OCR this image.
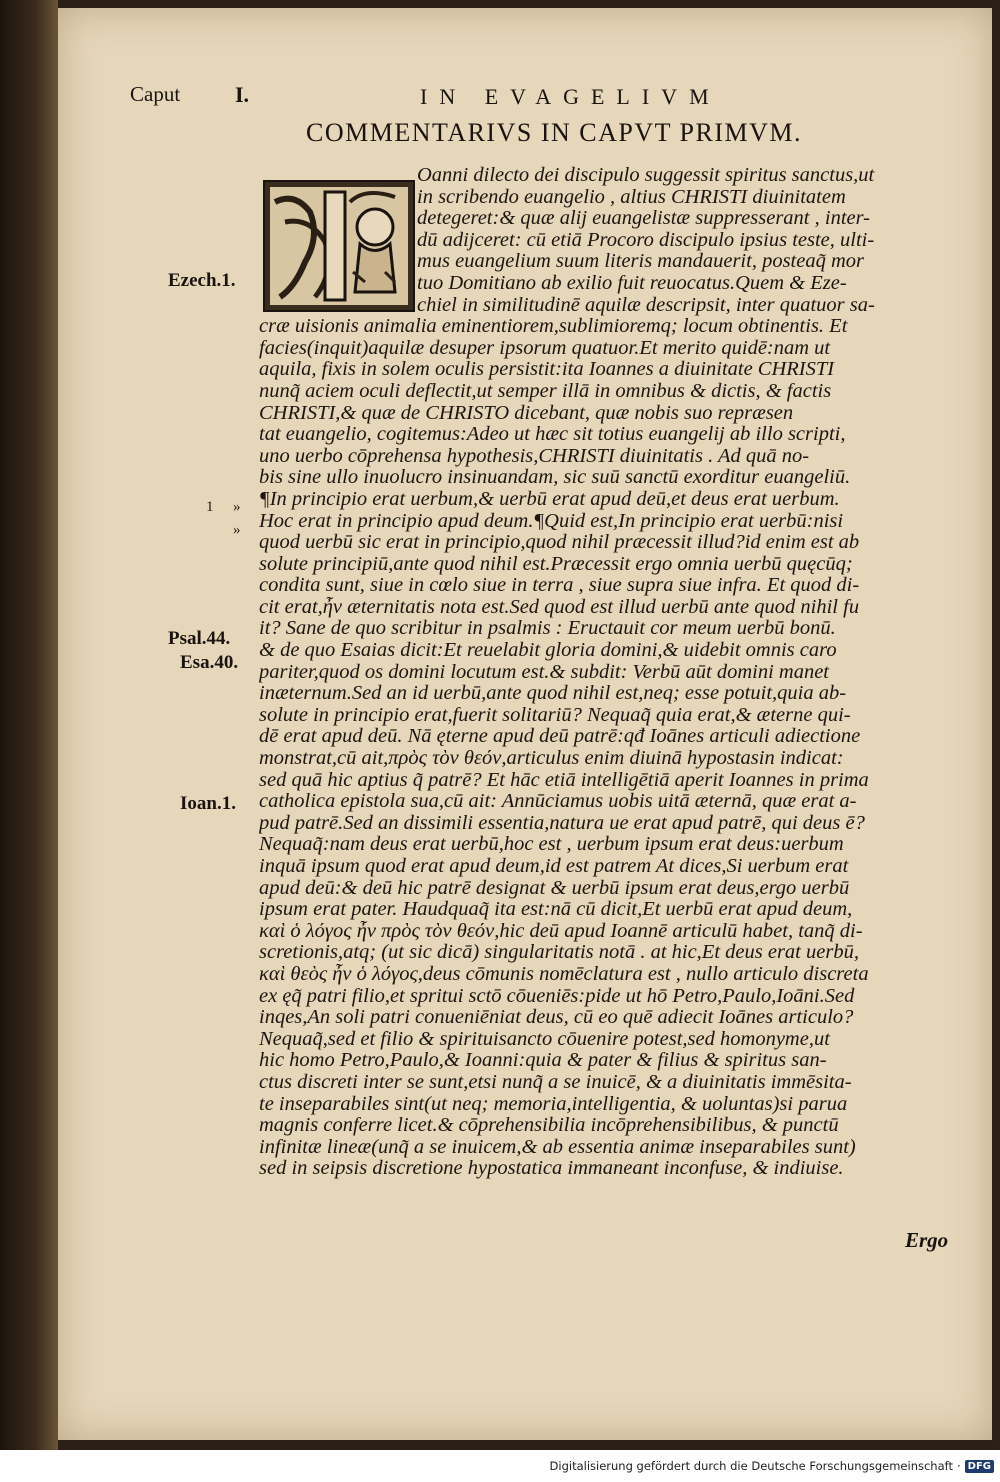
Caput I.	IN EVAGELIVM
COMMENTARIVS IN CAPVT PRIMVM.
Ezech.1.
Psal.44.
Esa.40.
Ioan.1.
1 »
»
Oanni dilecto dei discipulo suggessit spiritus sanctus,ut
in scribendo euangelio , altius CHRISTI diuinitatem
detegeret:& quæ alij euangelistæ suppresserant , inter-
dū adijceret: cū etiā Procoro discipulo ipsius teste, ulti-
mus euangelium suum literis mandauerit, posteaq̃ mor
tuo Domitiano ab exilio fuit reuocatus.Quem & Eze-
chiel in similitudinē aquilæ descripsit, inter quatuor sa-
cræ uisionis animalia eminentiorem,sublimioremq; locum obtinentis. Et
facies(inquit)aquilæ desuper ipsorum quatuor.Et merito quidē:nam ut
aquila, fixis in solem oculis persistit:ita Ioannes a diuinitate CHRISTI
nunq̃ aciem oculi deflectit,ut semper illā in omnibus & dictis, & factis
CHRISTI,& quæ de CHRISTO dicebant, quæ nobis suo repræsen
tat euangelio, cogitemus:Adeo ut hæc sit totius euangelij ab illo scripti,
uno uerbo cōprehensa hypothesis,CHRISTI diuinitatis . Ad quā no-
bis sine ullo inuolucro insinuandam, sic suū sanctū exorditur euangeliū.
¶In principio erat uerbum,& uerbū erat apud deū,et deus erat uerbum.
Hoc erat in principio apud deum.¶Quid est,In principio erat uerbū:nisi
quod uerbū sic erat in principio,quod nihil præcessit illud?id enim est ab
solute principiū,ante quod nihil est.Præcessit ergo omnia uerbū quęcūq;
condita sunt, siue in cœlo siue in terra , siue supra siue infra. Et quod di-
cit erat,ἦν æternitatis nota est.Sed quod est illud uerbū ante quod nihil fu
it? Sane de quo scribitur in psalmis : Eructauit cor meum uerbū bonū.
& de quo Esaias dicit:Et reuelabit gloria domini,& uidebit omnis caro
pariter,quod os domini locutum est.& subdit: Verbū aūt domini manet
inæternum.Sed an id uerbū,ante quod nihil est,neq; esse potuit,quia ab-
solute in principio erat,fuerit solitariū? Nequaq̃ quia erat,& æterne qui-
dē erat apud deū. Nā ęterne apud deū patrē:qđ Ioānes articuli adiectione
monstrat,cū ait,πρὸς τὸν θεόν,articulus enim diuinā hypostasin indicat:
sed quā hic aptius q̃ patrē? Et hāc etiā intelligētiā aperit Ioannes in prima
catholica epistola sua,cū ait: Annūciamus uobis uitā æternā, quæ erat a-
pud patrē.Sed an dissimili essentia,natura ue erat apud patrē, qui deus ē?
Nequaq̃:nam deus erat uerbū,hoc est , uerbum ipsum erat deus:uerbum
inquā ipsum quod erat apud deum,id est patrem At dices,Si uerbum erat
apud deū:& deū hic patrē designat & uerbū ipsum erat deus,ergo uerbū
ipsum erat pater. Haudquaq̃ ita est:nā cū dicit,Et uerbū erat apud deum,
καὶ ὁ λόγος ἦν πρὸς τὸν θεόν,hic deū apud Ioannē articulū habet, tanq̃ di-
scretionis,atq; (ut sic dicā) singularitatis notā . at hic,Et deus erat uerbū,
καὶ θεὸς ἦν ὁ λόγος,deus cōmunis nomēclatura est , nullo articulo discreta
ex ęq̃ patri filio,et spritui sctō cōueniēs:pide ut hō Petro,Paulo,Ioāni.Sed
inqes,An soli patri conueniēniat deus, cū eo quē adiecit Ioānes articulo?
Nequaq̃,sed et filio & spirituisancto cōuenire potest,sed homonyme,ut
hic homo Petro,Paulo,& Ioanni:quia & pater & filius & spiritus san-
ctus discreti inter se sunt,etsi nunq̃ a se inuicē, & a diuinitatis immēsita-
te inseparabiles sint(ut neq; memoria,intelligentia, & uoluntas)si parua
magnis conferre licet.& cōprehensibilia incōprehensibilibus, & punctū
infinitæ lineæ(unq̃ a se inuicem,& ab essentia animæ inseparabiles sunt)
sed in seipsis discretione hypostatica immaneant inconfuse, & indiuise.
Ergo
Digitalisierung gefördert durch die Deutsche Forschungsgemeinschaft · DFG
